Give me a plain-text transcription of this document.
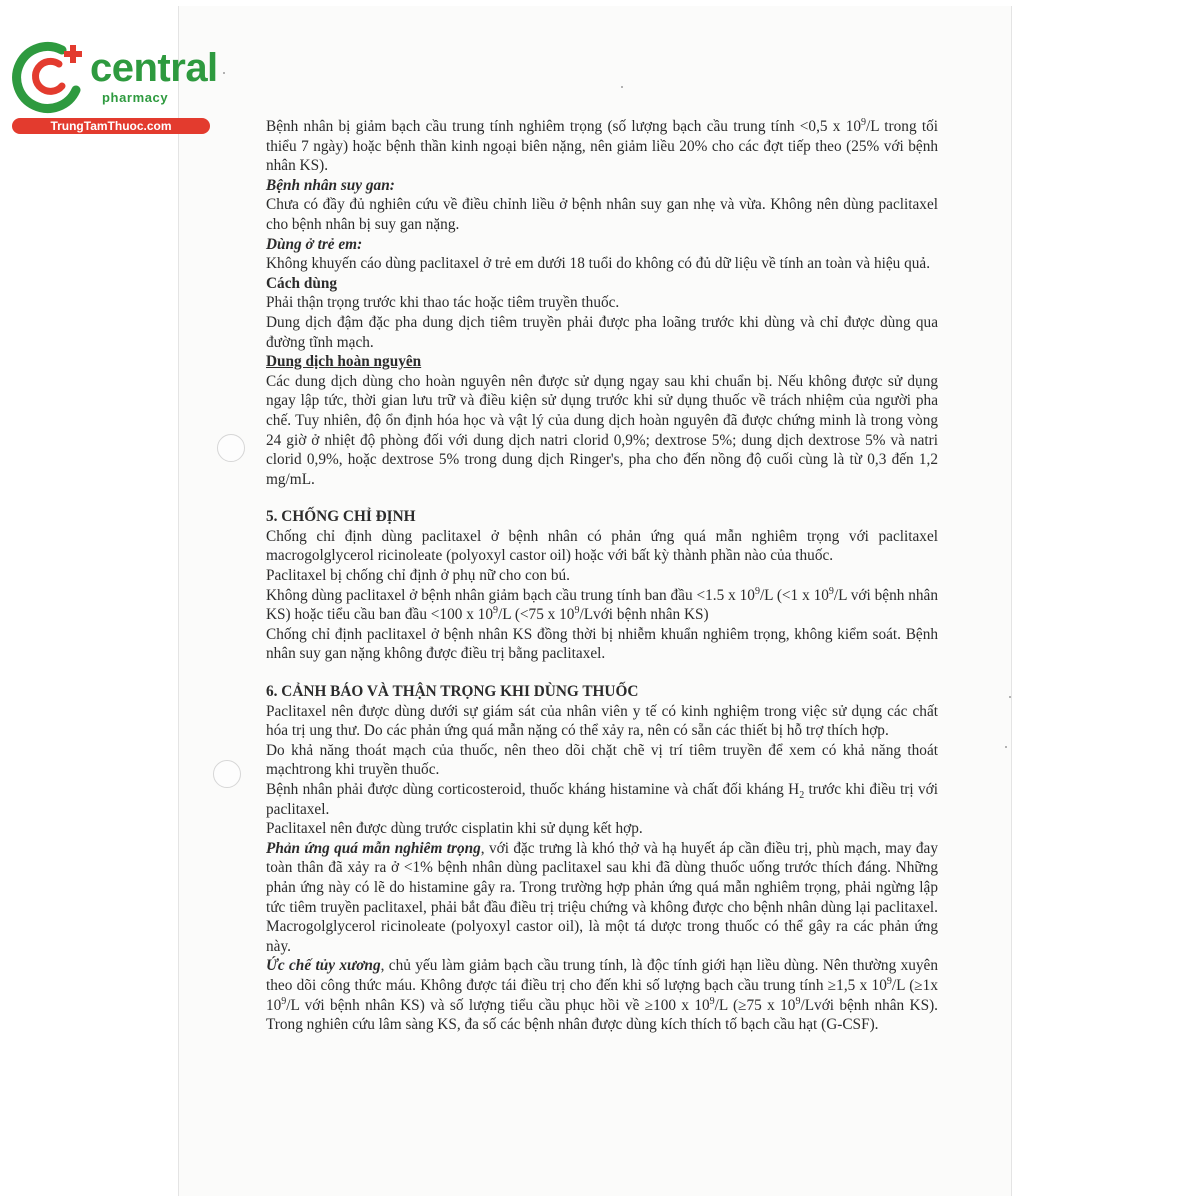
central
pharmacy
TrungTamThuoc.com	Bệnh nhân bị giảm bạch cầu trung tính nghiêm trọng (số lượng bạch cầu trung tính <0,5 x $10^9/L$ trong tối thiểu 7 ngày) hoặc bệnh thần kinh ngoại biên nặng, nên giảm liều 20% cho các đợt tiếp theo (25% với bệnh nhân KS).

Bệnh nhân suy gan:

Chưa có đầy đủ nghiên cứu về điều chỉnh liều ở bệnh nhân suy gan nhẹ và vừa. Không nên dùng paclitaxel cho bệnh nhân bị suy gan nặng.

Dùng ở trẻ em:

Không khuyến cáo dùng paclitaxel ở trẻ em dưới 18 tuổi do không có đủ dữ liệu về tính an toàn và hiệu quả.

Cách dùng

Phải thận trọng trước khi thao tác hoặc tiêm truyền thuốc.

Dung dịch đậm đặc pha dung dịch tiêm truyền phải được pha loãng trước khi dùng và chỉ được dùng qua đường tĩnh mạch.

Dung dịch hoàn nguyên

Các dung dịch dùng cho hoàn nguyên nên được sử dụng ngay sau khi chuẩn bị. Nếu không được sử dụng ngay lập tức, thời gian lưu trữ và điều kiện sử dụng trước khi sử dụng thuốc về trách nhiệm của người pha chế. Tuy nhiên, độ ổn định hóa học và vật lý của dung dịch hoàn nguyên đã được chứng minh là trong vòng 24 giờ ở nhiệt độ phòng đối với dung dịch natri clorid 0,9%; dextrose 5%; dung dịch dextrose 5% và natri clorid 0,9%, hoặc dextrose 5% trong dung dịch Ringer's, pha cho đến nồng độ cuối cùng là từ 0,3 đến 1,2 mg/mL.

5. CHỐNG CHỈ ĐỊNH

Chống chỉ định dùng paclitaxel ở bệnh nhân có phản ứng quá mẫn nghiêm trọng với paclitaxel macrogolglycerol ricinoleate (polyoxyl castor oil) hoặc với bất kỳ thành phần nào của thuốc.

Paclitaxel bị chống chỉ định ở phụ nữ cho con bú.

Không dùng paclitaxel ở bệnh nhân giảm bạch cầu trung tính ban đầu <1.5 x $10^9/L$ (<1 x $10^9/L$ với bệnh nhân KS) hoặc tiểu cầu ban đầu <100 x $10^9/L$ (<75 x $10^9$/Lvới bệnh nhân KS)

Chống chỉ định paclitaxel ở bệnh nhân KS đồng thời bị nhiễm khuẩn nghiêm trọng, không kiểm soát. Bệnh nhân suy gan nặng không được điều trị bằng paclitaxel.

6. CẢNH BÁO VÀ THẬN TRỌNG KHI DÙNG THUỐC

Paclitaxel nên được dùng dưới sự giám sát của nhân viên y tế có kinh nghiệm trong việc sử dụng các chất hóa trị ung thư. Do các phản ứng quá mẫn nặng có thể xảy ra, nên có sẵn các thiết bị hỗ trợ thích hợp.

Do khả năng thoát mạch của thuốc, nên theo dõi chặt chẽ vị trí tiêm truyền để xem có khả năng thoát mạchtrong khi truyền thuốc.

Bệnh nhân phải được dùng corticosteroid, thuốc kháng histamine và chất đối kháng $H_2$ trước khi điều trị với paclitaxel.

Paclitaxel nên được dùng trước cisplatin khi sử dụng kết hợp.

Phản ứng quá mẫn nghiêm trọng, với đặc trưng là khó thở và hạ huyết áp cần điều trị, phù mạch, may đay toàn thân đã xảy ra ở <1% bệnh nhân dùng paclitaxel sau khi đã dùng thuốc uống trước thích đáng. Những phản ứng này có lẽ do histamine gây ra. Trong trường hợp phản ứng quá mẫn nghiêm trọng, phải ngừng lập tức tiêm truyền paclitaxel, phải bắt đầu điều trị triệu chứng và không được cho bệnh nhân dùng lại paclitaxel. Macrogolglycerol ricinoleate (polyoxyl castor oil), là một tá dược trong thuốc có thể gây ra các phản ứng này.

Ức chế tủy xương, chủ yếu làm giảm bạch cầu trung tính, là độc tính giới hạn liều dùng. Nên thường xuyên theo dõi công thức máu. Không được tái điều trị cho đến khi số lượng bạch cầu trung tính ≥1,5 x $10^9/L$ (≥1x $10^9/L$ với bệnh nhân KS) và số lượng tiểu cầu phục hồi về ≥100 x $10^9/L$ (≥75 x $10^9$/Lvới bệnh nhân KS). Trong nghiên cứu lâm sàng KS, đa số các bệnh nhân được dùng kích thích tố bạch cầu hạt (G-CSF).
